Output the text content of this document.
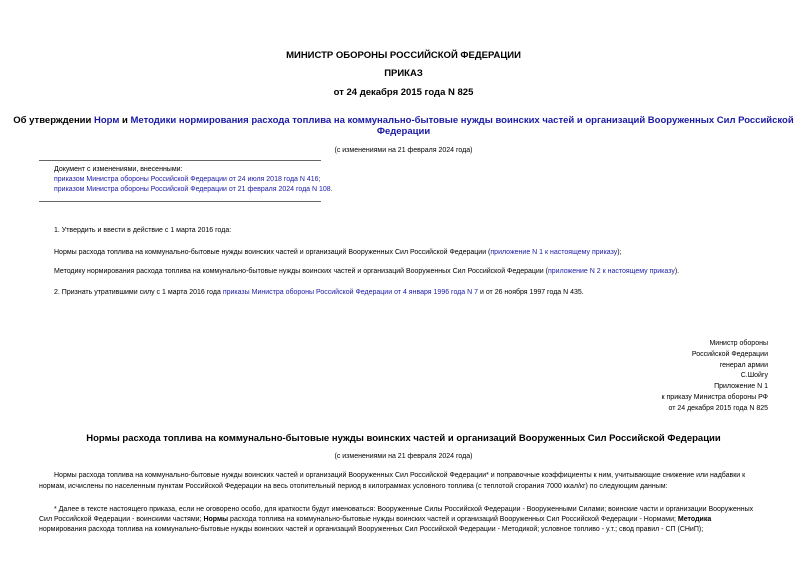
МИНИСТР ОБОРОНЫ РОССИЙСКОЙ ФЕДЕРАЦИИ
ПРИКАЗ
от 24 декабря 2015 года N 825
Об утверждении Норм и Методики нормирования расхода топлива на коммунально-бытовые нужды воинских частей и организаций Вооруженных Сил Российской
Федерации
(с изменениями на 21 февраля 2024 года)
Документ с изменениями, внесенными:
приказом Министра обороны Российской Федерации от 24 июля 2018 года N 416;
приказом Министра обороны Российской Федерации от 21 февраля 2024 года N 108.
1. Утвердить и ввести в действие с 1 марта 2016 года:
Нормы расхода топлива на коммунально-бытовые нужды воинских частей и организаций Вооруженных Сил Российской Федерации (приложение N 1 к настоящему приказу);
Методику нормирования расхода топлива на коммунально-бытовые нужды воинских частей и организаций Вооруженных Сил Российской Федерации (приложение N 2 к настоящему приказу).
2. Признать утратившими силу с 1 марта 2016 года приказы Министра обороны Российской Федерации от 4 января 1996 года N 7 и от 26 ноября 1997 года N 435.
Министр обороны
Российской Федерации
генерал армии
С.Шойгу
Приложение N 1
к приказу Министра обороны РФ
от 24 декабря 2015 года N 825
Нормы расхода топлива на коммунально-бытовые нужды воинских частей и организаций Вооруженных Сил Российской Федерации
(с изменениями на 21 февраля 2024 года)
Нормы расхода топлива на коммунально-бытовые нужды воинских частей и организаций Вооруженных Сил Российской Федерации* и поправочные коэффициенты к ним, учитывающие снижение или надбавки к
нормам, исчислены по населенным пунктам Российской Федерации на весь отопительный период в килограммах условного топлива (с теплотой сгорания 7000 ккал/кг) по следующим данным:
* Далее в тексте настоящего приказа, если не оговорено особо, для краткости будут именоваться: Вооруженные Силы Российской Федерации - Вооруженными Силами; воинские части и организации Вооруженных
Сил Российской Федерации - воинскими частями; Нормы расхода топлива на коммунально-бытовые нужды воинских частей и организаций Вооруженных Сил Российской Федерации - Нормами; Методика
нормирования расхода топлива на коммунально-бытовые нужды воинских частей и организаций Вооруженных Сил Российской Федерации - Методикой; условное топливо - у.т.; свод правил - СП (СНиП);
